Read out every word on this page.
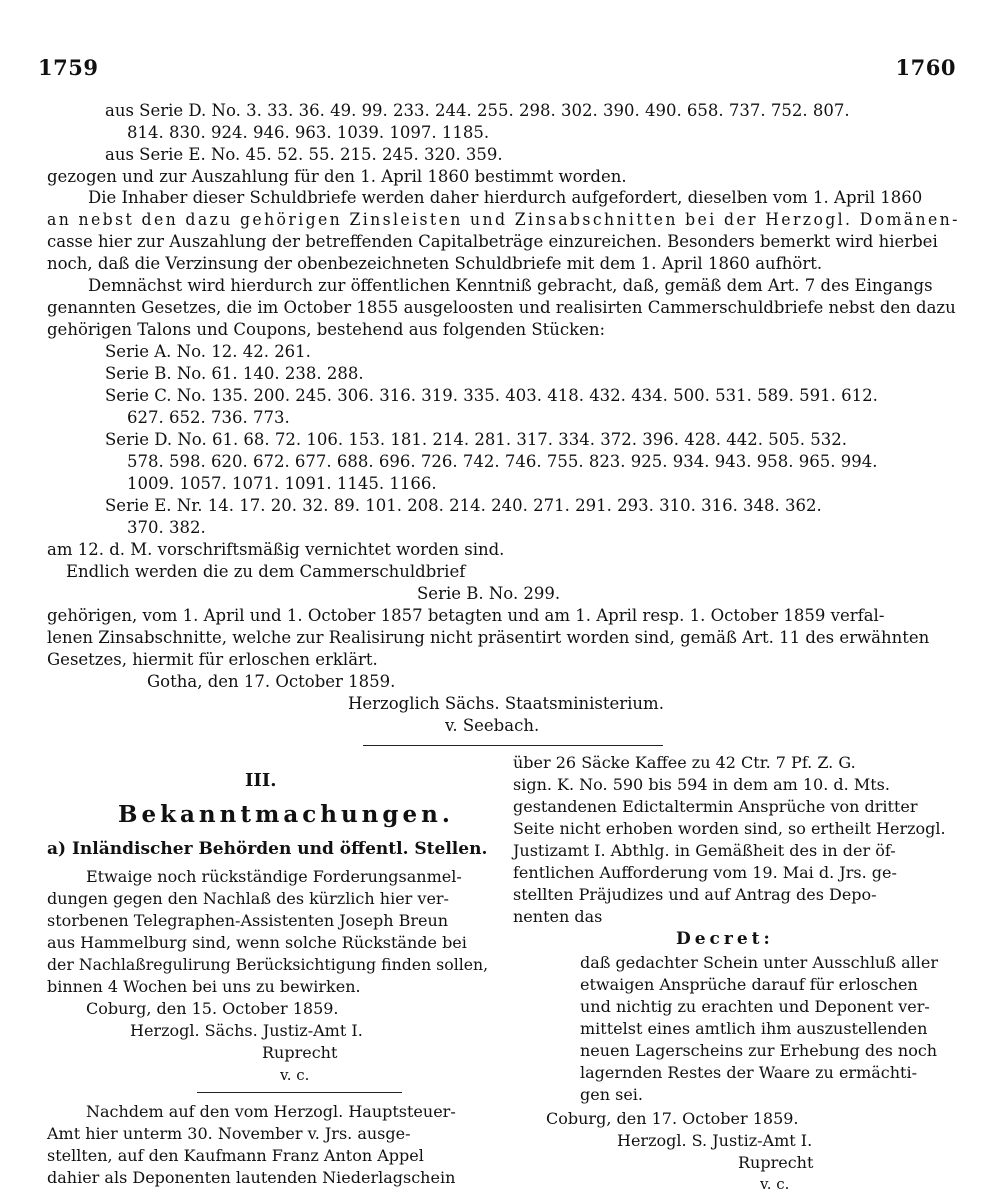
1759	1760
aus Serie D. No. 3. 33. 36. 49. 99. 233. 244. 255. 298. 302. 390. 490. 658. 737. 752. 807.
814. 830. 924. 946. 963. 1039. 1097. 1185.
aus Serie E. No. 45. 52. 55. 215. 245. 320. 359.
gezogen und zur Auszahlung für den 1. April 1860 bestimmt worden.
Die Inhaber dieser Schuldbriefe werden daher hierdurch aufgefordert, dieselben vom 1. April 1860
an nebst den dazu gehörigen Zinsleisten und Zinsabschnitten bei der Herzogl. Domänen-
casse hier zur Auszahlung der betreffenden Capitalbeträge einzureichen. Besonders bemerkt wird hierbei
noch, daß die Verzinsung der obenbezeichneten Schuldbriefe mit dem 1. April 1860 aufhört.
Demnächst wird hierdurch zur öffentlichen Kenntniß gebracht, daß, gemäß dem Art. 7 des Eingangs
genannten Gesetzes, die im October 1855 ausgeloosten und realisirten Cammerschuldbriefe nebst den dazu
gehörigen Talons und Coupons, bestehend aus folgenden Stücken:
Serie A. No. 12. 42. 261.
Serie B. No. 61. 140. 238. 288.
Serie C. No. 135. 200. 245. 306. 316. 319. 335. 403. 418. 432. 434. 500. 531. 589. 591. 612.
627. 652. 736. 773.
Serie D. No. 61. 68. 72. 106. 153. 181. 214. 281. 317. 334. 372. 396. 428. 442. 505. 532.
578. 598. 620. 672. 677. 688. 696. 726. 742. 746. 755. 823. 925. 934. 943. 958. 965. 994.
1009. 1057. 1071. 1091. 1145. 1166.
Serie E. Nr. 14. 17. 20. 32. 89. 101. 208. 214. 240. 271. 291. 293. 310. 316. 348. 362.
370. 382.
am 12. d. M. vorschriftsmäßig vernichtet worden sind.
Endlich werden die zu dem Cammerschuldbrief
Serie B. No. 299.
gehörigen, vom 1. April und 1. October 1857 betagten und am 1. April resp. 1. October 1859 verfal-
lenen Zinsabschnitte, welche zur Realisirung nicht präsentirt worden sind, gemäß Art. 11 des erwähnten
Gesetzes, hiermit für erloschen erklärt.
Gotha, den 17. October 1859.
Herzoglich Sächs. Staatsministerium.
v. Seebach.
III.
Bekanntmachungen.
a) Inländischer Behörden und öffentl. Stellen.
Etwaige noch rückständige Forderungsanmel-
dungen gegen den Nachlaß des kürzlich hier ver-
storbenen Telegraphen-Assistenten Joseph Breun
aus Hammelburg sind, wenn solche Rückstände bei
der Nachlaßregulirung Berücksichtigung finden sollen,
binnen 4 Wochen bei uns zu bewirken.
Coburg, den 15. October 1859.
Herzogl. Sächs. Justiz-Amt I.
Ruprecht
v. c.
Nachdem auf den vom Herzogl. Hauptsteuer-
Amt hier unterm 30. November v. Jrs. ausge-
stellten, auf den Kaufmann Franz Anton Appel
dahier als Deponenten lautenden Niederlagschein
über 26 Säcke Kaffee zu 42 Ctr. 7 Pf. Z. G.
sign. K. No. 590 bis 594 in dem am 10. d. Mts.
gestandenen Edictaltermin Ansprüche von dritter
Seite nicht erhoben worden sind, so ertheilt Herzogl.
Justizamt I. Abthlg. in Gemäßheit des in der öf-
fentlichen Aufforderung vom 19. Mai d. Jrs. ge-
stellten Präjudizes und auf Antrag des Depo-
nenten das
Decret:
daß gedachter Schein unter Ausschluß aller
etwaigen Ansprüche darauf für erloschen
und nichtig zu erachten und Deponent ver-
mittelst eines amtlich ihm auszustellenden
neuen Lagerscheins zur Erhebung des noch
lagernden Restes der Waare zu ermächti-
gen sei.
Coburg, den 17. October 1859.
Herzogl. S. Justiz-Amt I.
Ruprecht
v. c.
